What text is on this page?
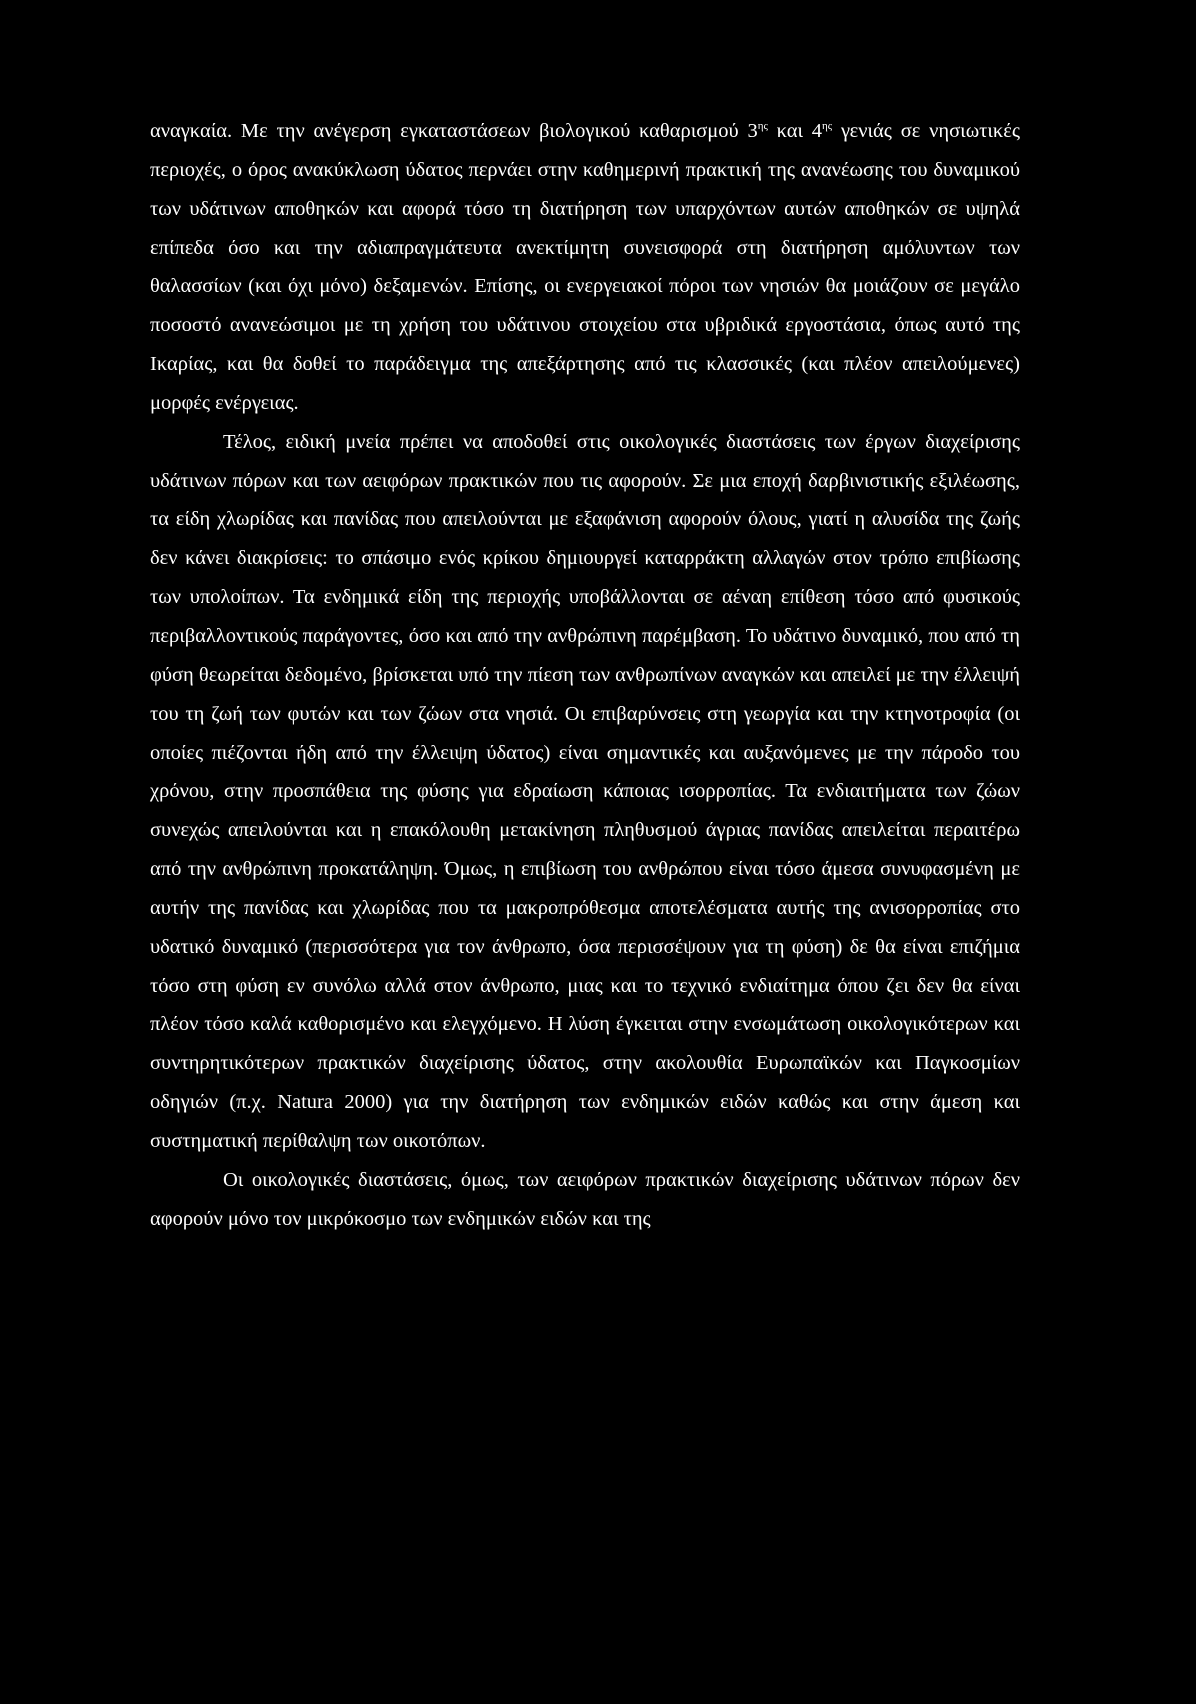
αναγκαία. Με την ανέγερση εγκαταστάσεων βιολογικού καθαρισμού $3^{\eta\varsigma}$ και $4^{\eta\varsigma}$ γενιάς σε νησιωτικές περιοχές, ο όρος ανακύκλωση ύδατος περνάει στην καθημερινή πρακτική της ανανέωσης του δυναμικού των υδάτινων αποθηκών και αφορά τόσο τη διατήρηση των υπαρχόντων αυτών αποθηκών σε υψηλά επίπεδα όσο και την αδιαπραγμάτευτα ανεκτίμητη συνεισφορά στη διατήρηση αμόλυντων των θαλασσίων (και όχι μόνο) δεξαμενών. Επίσης, οι ενεργειακοί πόροι των νησιών θα μοιάζουν σε μεγάλο ποσοστό ανανεώσιμοι με τη χρήση του υδάτινου στοιχείου στα υβριδικά εργοστάσια, όπως αυτό της Ικαρίας, και θα δοθεί το παράδειγμα της απεξάρτησης από τις κλασσικές (και πλέον απειλούμενες) μορφές ενέργειας.

Τέλος, ειδική μνεία πρέπει να αποδοθεί στις οικολογικές διαστάσεις των έργων διαχείρισης υδάτινων πόρων και των αειφόρων πρακτικών που τις αφορούν. Σε μια εποχή δαρβινιστικής εξιλέωσης, τα είδη χλωρίδας και πανίδας που απειλούνται με εξαφάνιση αφορούν όλους, γιατί η αλυσίδα της ζωής δεν κάνει διακρίσεις: το σπάσιμο ενός κρίκου δημιουργεί καταρράκτη αλλαγών στον τρόπο επιβίωσης των υπολοίπων. Τα ενδημικά είδη της περιοχής υποβάλλονται σε αέναη επίθεση τόσο από φυσικούς περιβαλλοντικούς παράγοντες, όσο και από την ανθρώπινη παρέμβαση. Το υδάτινο δυναμικό, που από τη φύση θεωρείται δεδομένο, βρίσκεται υπό την πίεση των ανθρωπίνων αναγκών και απειλεί με την έλλειψή του τη ζωή των φυτών και των ζώων στα νησιά. Οι επιβαρύνσεις στη γεωργία και την κτηνοτροφία (οι οποίες πιέζονται ήδη από την έλλειψη ύδατος) είναι σημαντικές και αυξανόμενες με την πάροδο του χρόνου, στην προσπάθεια της φύσης για εδραίωση κάποιας ισορροπίας. Τα ενδιαιτήματα των ζώων συνεχώς απειλούνται και η επακόλουθη μετακίνηση πληθυσμού άγριας πανίδας απειλείται περαιτέρω από την ανθρώπινη προκατάληψη. Όμως, η επιβίωση του ανθρώπου είναι τόσο άμεσα συνυφασμένη με αυτήν της πανίδας και χλωρίδας που τα μακροπρόθεσμα αποτελέσματα αυτής της ανισορροπίας στο υδατικό δυναμικό (περισσότερα για τον άνθρωπο, όσα περισσέψουν για τη φύση) δε θα είναι επιζήμια τόσο στη φύση εν συνόλω αλλά στον άνθρωπο, μιας και το τεχνικό ενδιαίτημα όπου ζει δεν θα είναι πλέον τόσο καλά καθορισμένο και ελεγχόμενο. Η λύση έγκειται στην ενσωμάτωση οικολογικότερων και συντηρητικότερων πρακτικών διαχείρισης ύδατος, στην ακολουθία Ευρωπαϊκών και Παγκοσμίων οδηγιών (π.χ. Natura 2000) για την διατήρηση των ενδημικών ειδών καθώς και στην άμεση και συστηματική περίθαλψη των οικοτόπων.

Οι οικολογικές διαστάσεις, όμως, των αειφόρων πρακτικών διαχείρισης υδάτινων πόρων δεν αφορούν μόνο τον μικρόκοσμο των ενδημικών ειδών και της
